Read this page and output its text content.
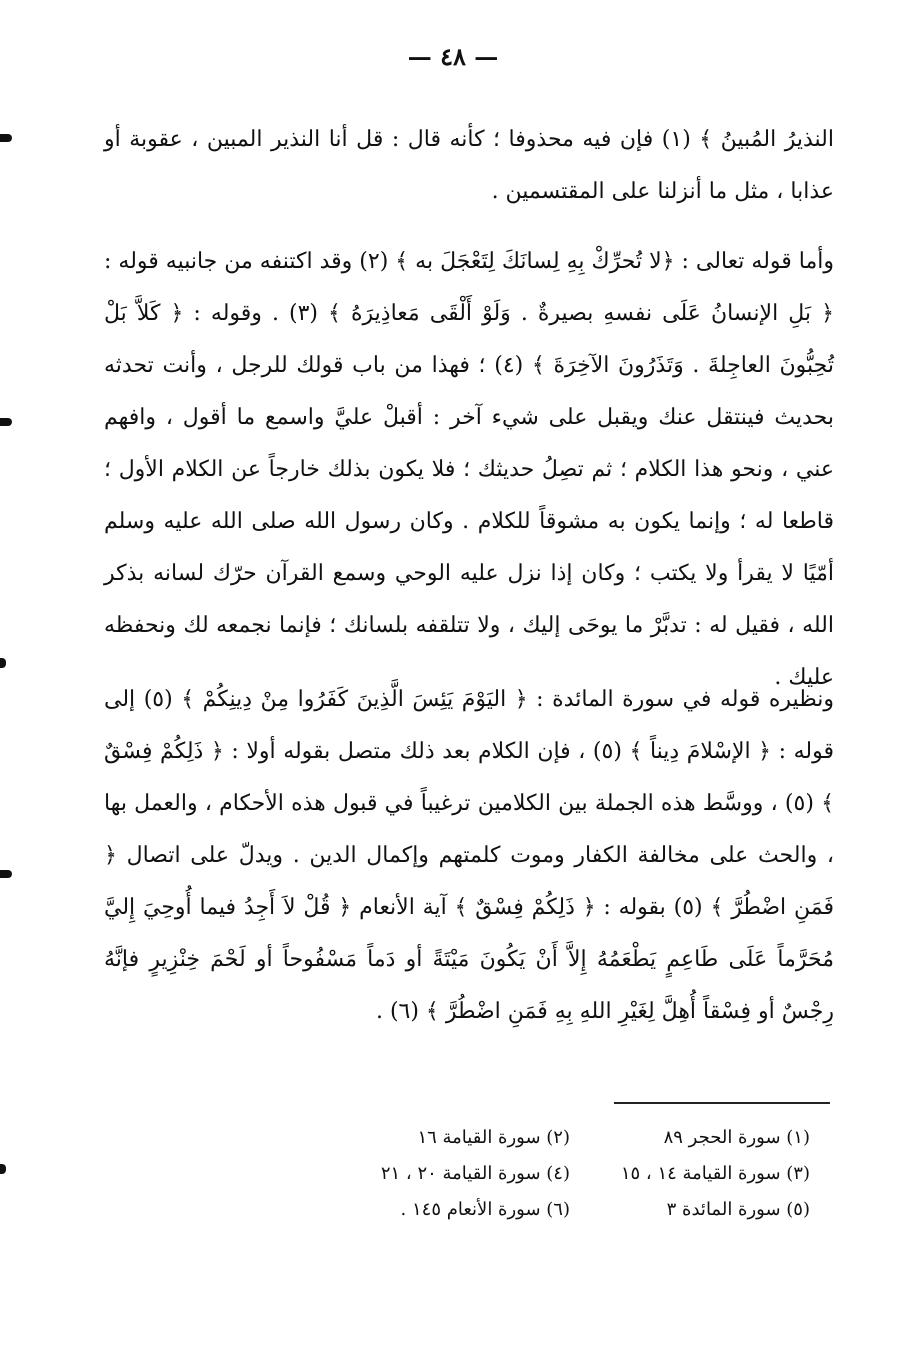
— ٤٨ —

النذيرُ المُبينُ ﴾ (١) فإن فيه محذوفا ؛ كأنه قال : قل أنا النذير المبين ، عقوبة أو عذابا ، مثل ما أنزلنا على المقتسمين .

وأما قوله تعالى : ﴿لا تُحرِّكْ بِهِ لِسانَكَ لِتَعْجَلَ به ﴾ (٢) وقد اكتنفه من جانبيه قوله : ﴿ بَلِ الإنسانُ عَلَى نفسهِ بصيرةٌ . وَلَوْ أَلْقَى مَعاذِيرَهُ ﴾ (٣) . وقوله : ﴿ كَلاَّ بَلْ تُحِبُّونَ العاجِلةَ . وَتَذَرُونَ الآخِرَةَ ﴾ (٤) ؛ فهذا من باب قولك للرجل ، وأنت تحدثه بحديث فينتقل عنك ويقبل على شيء آخر : أقبلْ عليَّ واسمع ما أقول ، وافهم عني ، ونحو هذا الكلام ؛ ثم تصِلُ حديثك ؛ فلا يكون بذلك خارجاً عن الكلام الأول ؛ قاطعا له ؛ وإنما يكون به مشوقاً للكلام . وكان رسول الله صلى الله عليه وسلم أمّيًا لا يقرأ ولا يكتب ؛ وكان إذا نزل عليه الوحي وسمع القرآن حرّك لسانه بذكر الله ، فقيل له : تدبَّرْ ما يوحَى إليك ، ولا تتلقفه بلسانك ؛ فإنما نجمعه لك ونحفظه عليك .

ونظيره قوله في سورة المائدة : ﴿ اليَوْمَ يَئِسَ الَّذِينَ كَفَرُوا مِنْ دِينِكُمْ ﴾ (٥) إلى قوله : ﴿ الإسْلامَ دِيناً ﴾ (٥) ، فإن الكلام بعد ذلك متصل بقوله أولا : ﴿ ذَلِكُمْ فِسْقٌ ﴾ (٥) ، ووسَّط هذه الجملة بين الكلامين ترغيباً في قبول هذه الأحكام ، والعمل بها ، والحث على مخالفة الكفار وموت كلمتهم وإكمال الدين . ويدلّ على اتصال ﴿ فَمَنِ اضْطُرَّ ﴾ (٥) بقوله : ﴿ ذَلِكُمْ فِسْقٌ ﴾ آية الأنعام ﴿ قُلْ لاَ أَجِدُ فيما أُوحِيَ إِليَّ مُحَرَّماً عَلَى طَاعِمٍ يَطْعَمُهُ إِلاَّ أَنْ يَكُونَ مَيْتَةً أو دَماً مَسْفُوحاً أو لَحْمَ خِنْزِيرٍ فإنَّهُ رِجْسٌ أو فِسْقاً أُهِلَّ لِغَيْرِ اللهِ بِهِ فَمَنِ اضْطُرَّ ﴾ (٦) .

(١) سورة الحجر ٨٩
(٢) سورة القيامة ١٦
(٣) سورة القيامة ١٤ ، ١٥
(٤) سورة القيامة ٢٠ ، ٢١
(٥) سورة المائدة ٣
(٦) سورة الأنعام ١٤٥ .
